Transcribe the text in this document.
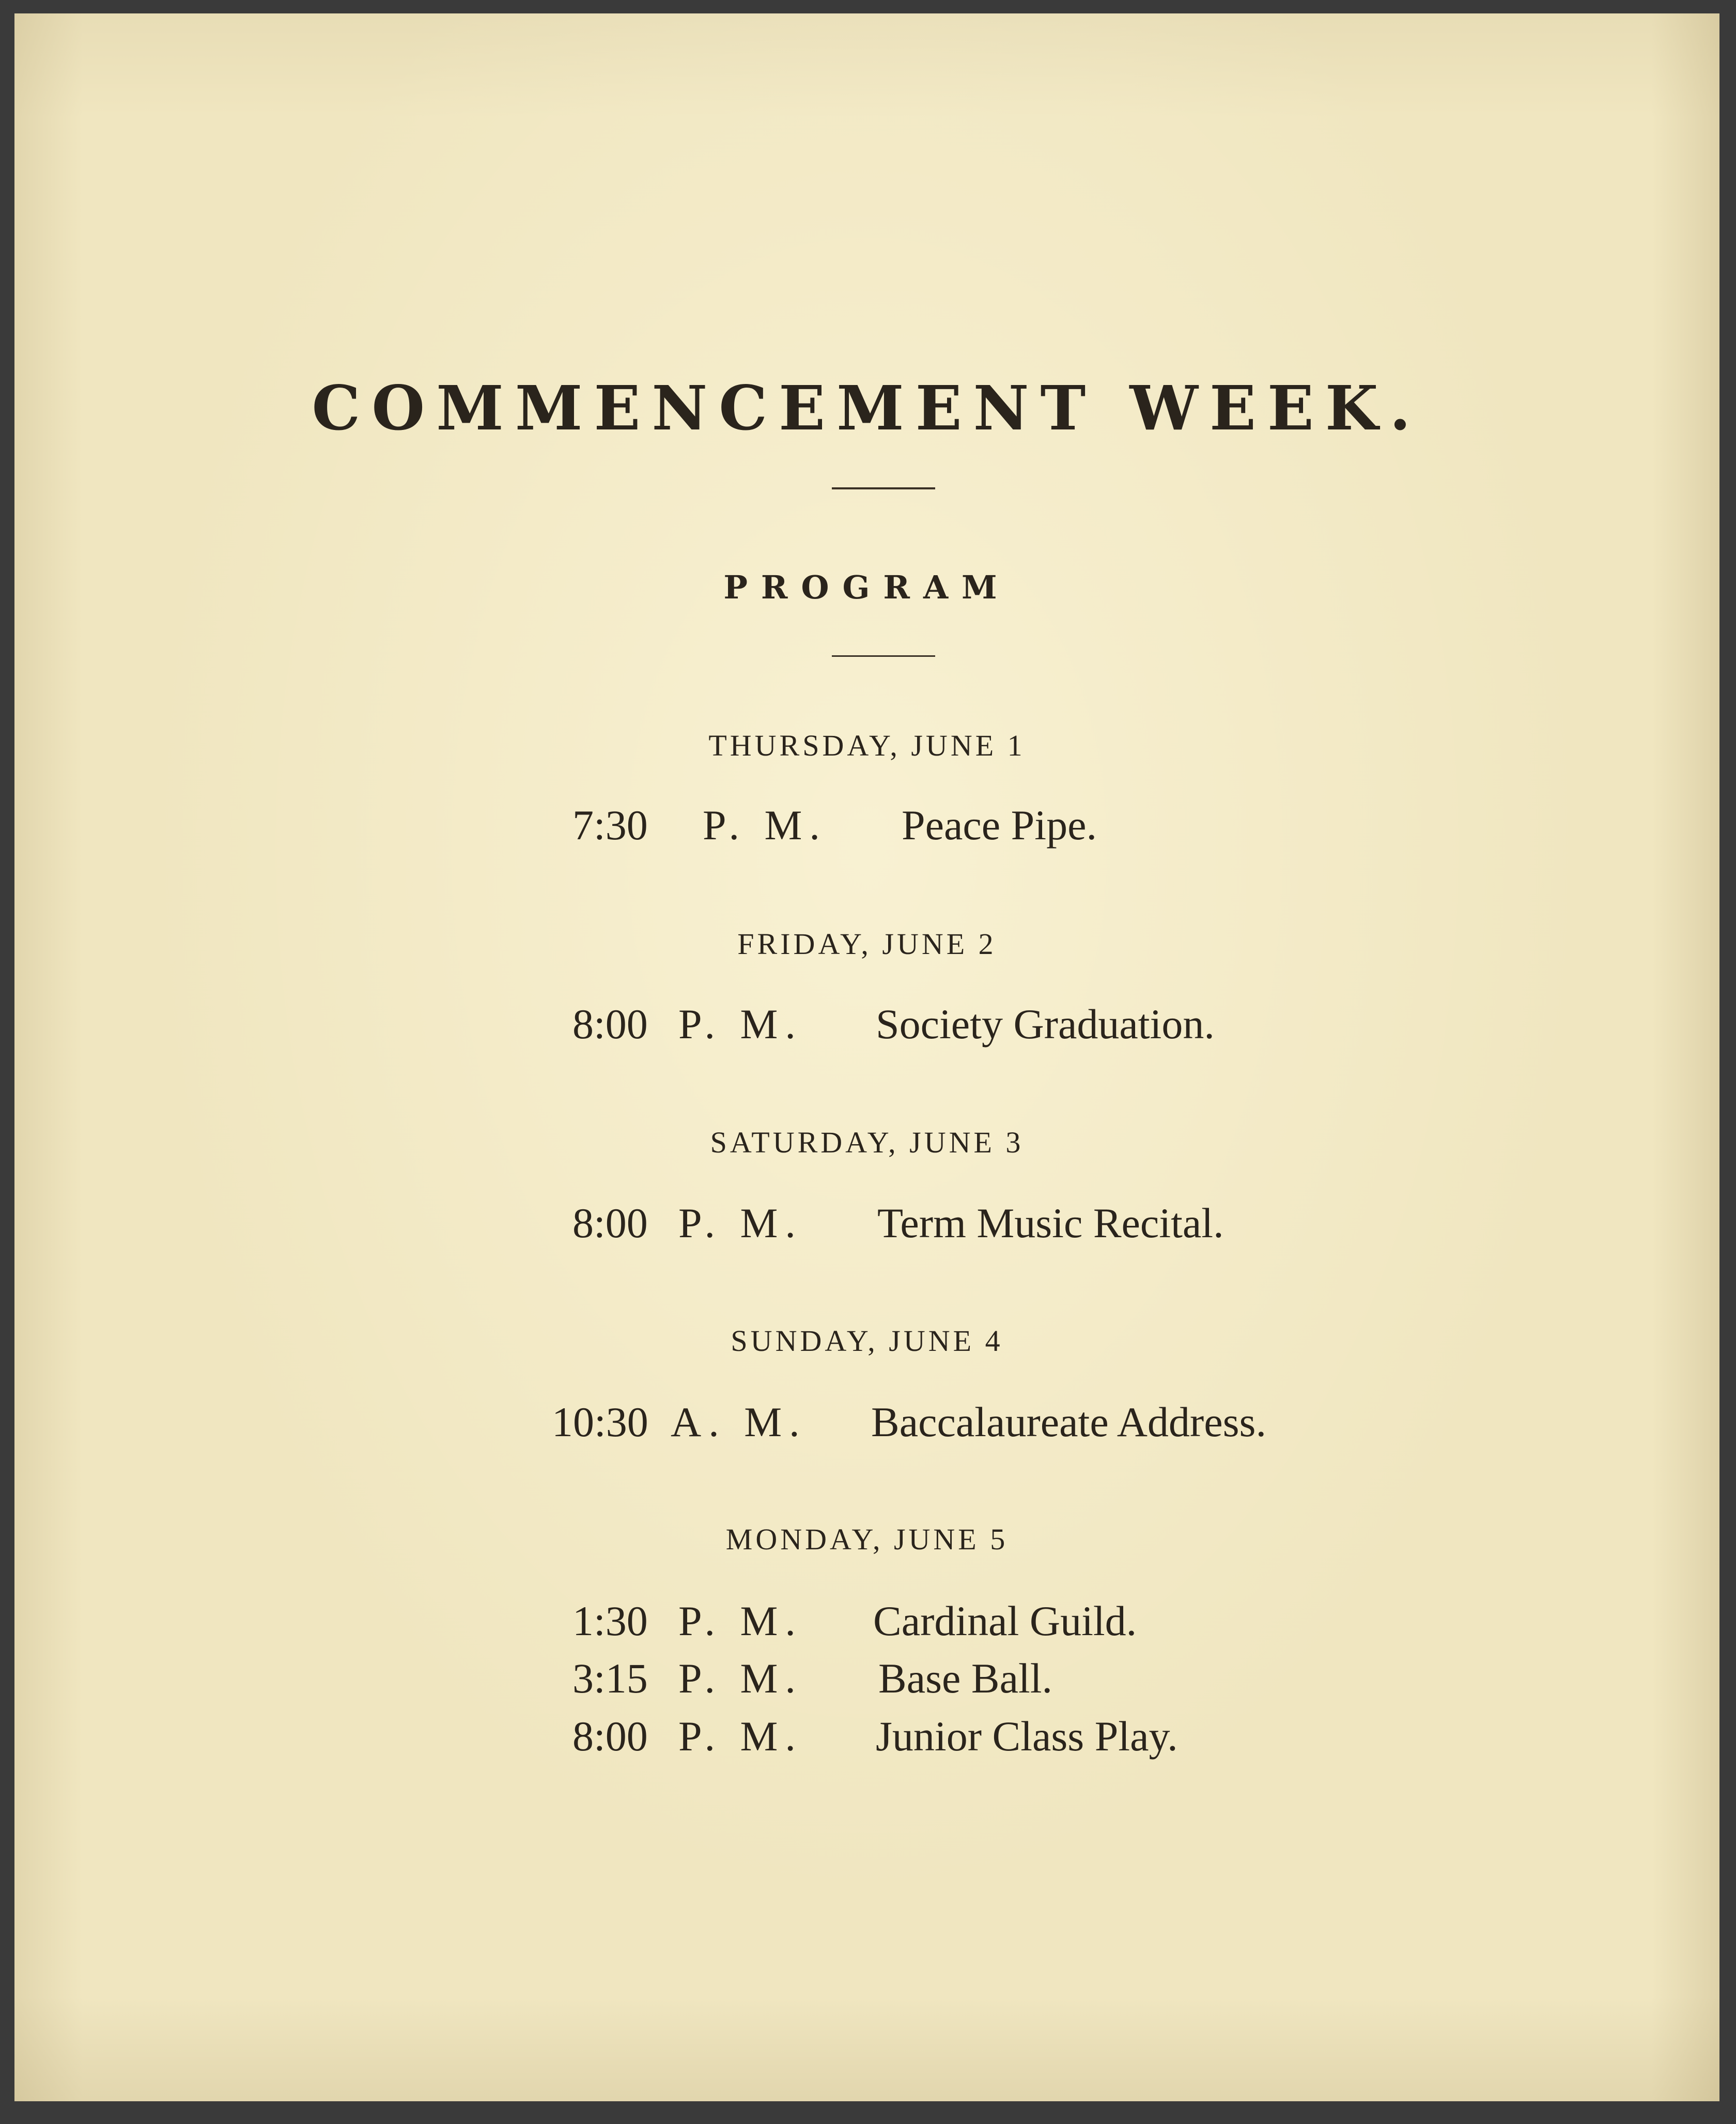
COMMENCEMENT WEEK.
PROGRAM
THURSDAY, JUNE 1
7:30 P. M. Peace Pipe.
FRIDAY, JUNE 2
8:00 P. M. Society Graduation.
SATURDAY, JUNE 3
8:00 P. M. Term Music Recital.
SUNDAY, JUNE 4
10:30 A. M. Baccalaureate Address.
MONDAY, JUNE 5
1:30 P. M. Cardinal Guild.
3:15 P. M. Base Ball.
8:00 P. M. Junior Class Play.
